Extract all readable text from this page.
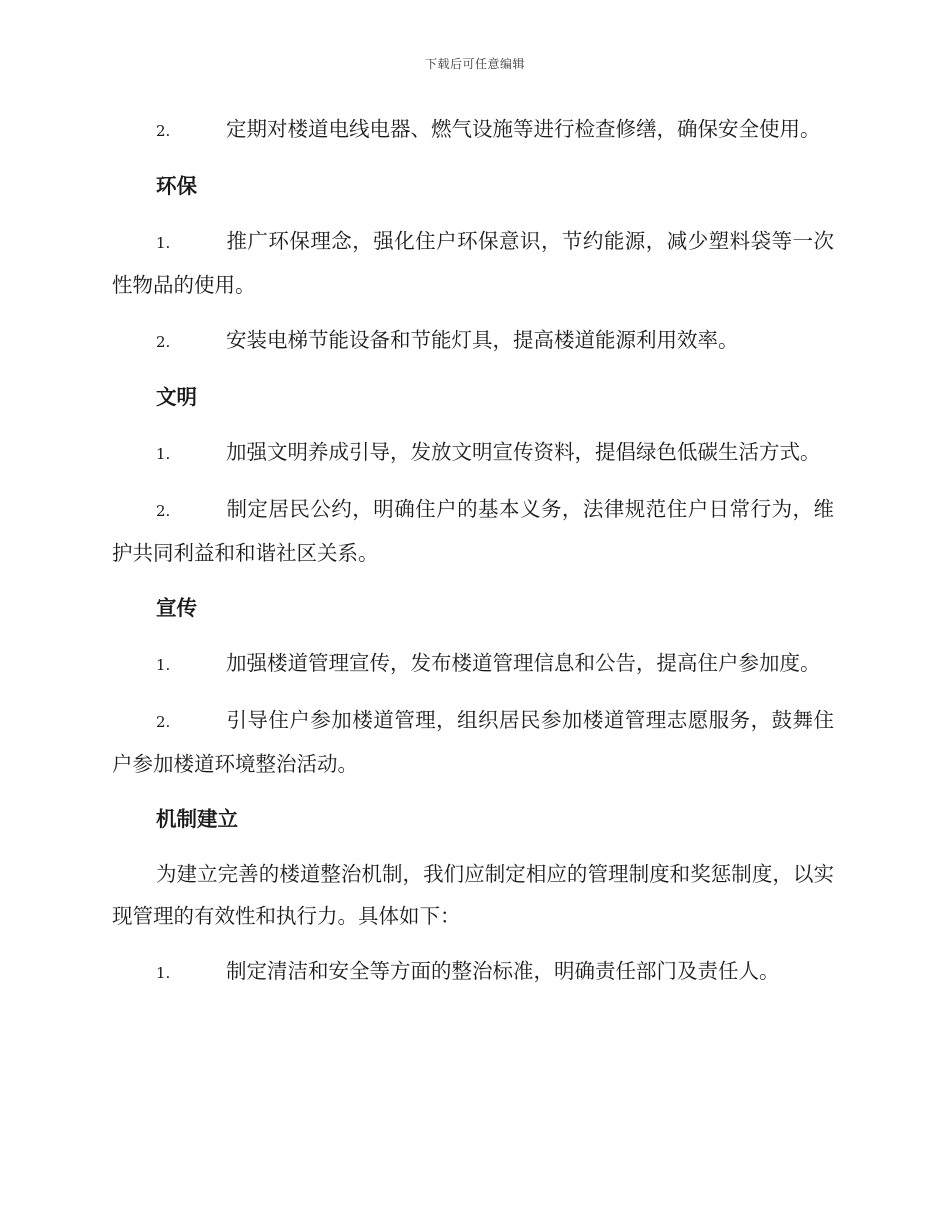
下载后可任意编辑

2.	定期对楼道电线电器、燃气设施等进行检查修缮，确保安全使用。

环保

1.	推广环保理念，强化住户环保意识，节约能源，减少塑料袋等一次性物品的使用。

2.	安装电梯节能设备和节能灯具，提高楼道能源利用效率。

文明

1.	加强文明养成引导，发放文明宣传资料，提倡绿色低碳生活方式。

2.	制定居民公约，明确住户的基本义务，法律规范住户日常行为，维护共同利益和和谐社区关系。

宣传

1.	加强楼道管理宣传，发布楼道管理信息和公告，提高住户参加度。

2.	引导住户参加楼道管理，组织居民参加楼道管理志愿服务，鼓舞住户参加楼道环境整治活动。

机制建立

为建立完善的楼道整治机制，我们应制定相应的管理制度和奖惩制度，以实现管理的有效性和执行力。具体如下：

1.	制定清洁和安全等方面的整治标准，明确责任部门及责任人。
